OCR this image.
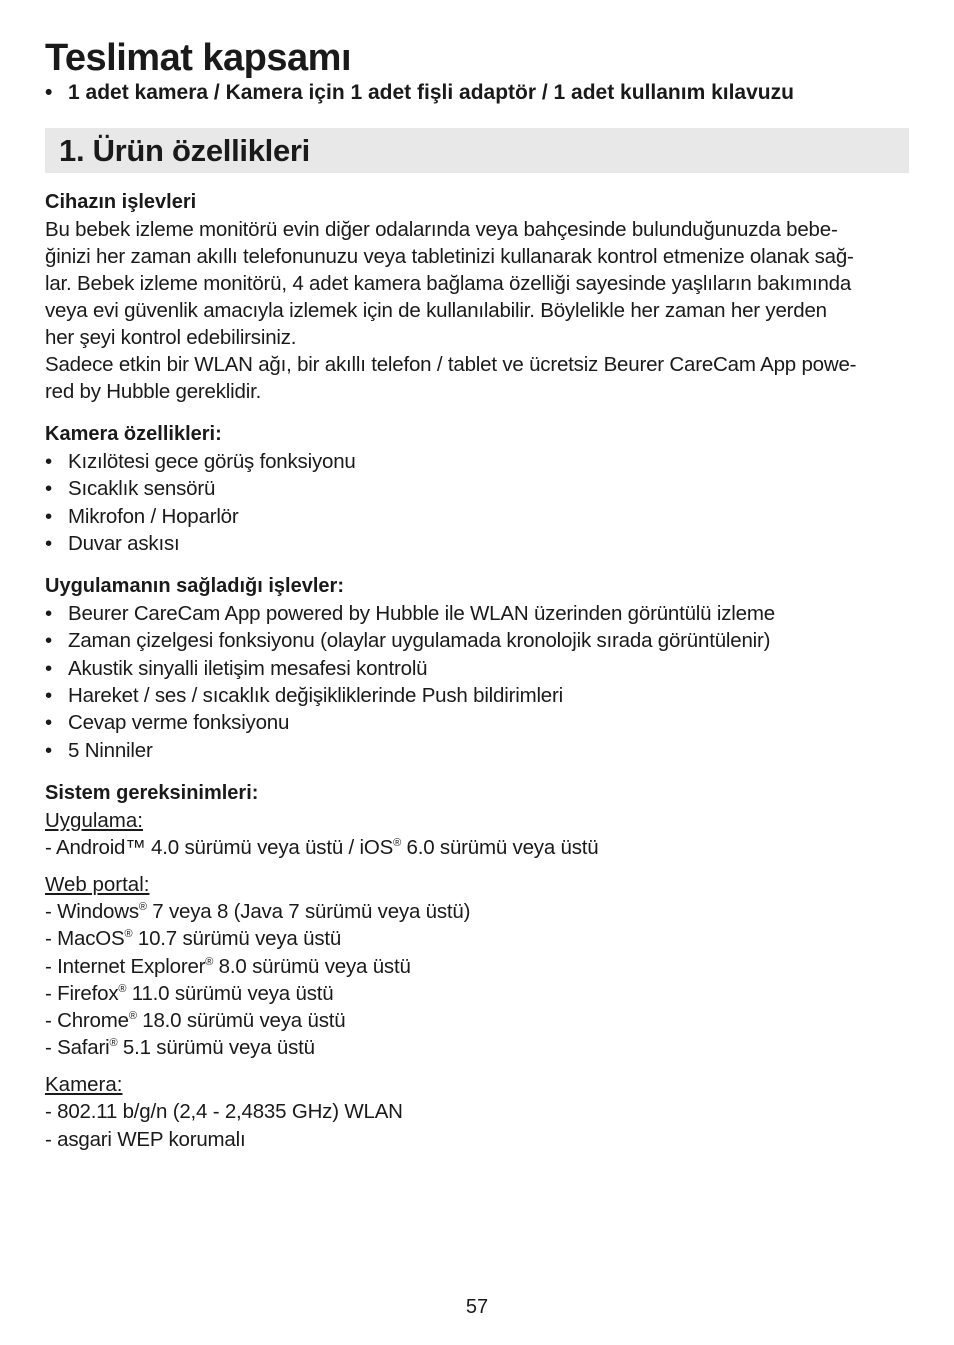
Teslimat kapsamı

• 1 adet kamera / Kamera için 1 adet fişli adaptör / 1 adet kullanım kılavuzu

1. Ürün özellikleri

Cihazın işlevleri

Bu bebek izleme monitörü evin diğer odalarında veya bahçesinde bulunduğunuzda bebe-

ğinizi her zaman akıllı telefonunuzu veya tabletinizi kullanarak kontrol etmenize olanak sağ-

lar. Bebek izleme monitörü, 4 adet kamera bağlama özelliği sayesinde yaşlıların bakımında

veya evi güvenlik amacıyla izlemek için de kullanılabilir. Böylelikle her zaman her yerden

her şeyi kontrol edebilirsiniz.

Sadece etkin bir WLAN ağı, bir akıllı telefon / tablet ve ücretsiz Beurer CareCam App powe-

red by Hubble gereklidir.

Kamera özellikleri:

• Kızılötesi gece görüş fonksiyonu
• Sıcaklık sensörü
• Mikrofon / Hoparlör
• Duvar askısı

Uygulamanın sağladığı işlevler:

• Beurer CareCam App powered by Hubble ile WLAN üzerinden görüntülü izleme
• Zaman çizelgesi fonksiyonu (olaylar uygulamada kronolojik sırada görüntülenir)
• Akustik sinyalli iletişim mesafesi kontrolü
• Hareket / ses / sıcaklık değişikliklerinde Push bildirimleri
• Cevap verme fonksiyonu
• 5 Ninniler

Sistem gereksinimleri:

Uygulama:

- Android™ 4.0 sürümü veya üstü / iOS® 6.0 sürümü veya üstü

Web portal:

- Windows® 7 veya 8 (Java 7 sürümü veya üstü)

- MacOS® 10.7 sürümü veya üstü

- Internet Explorer® 8.0 sürümü veya üstü

- Firefox® 11.0 sürümü veya üstü

- Chrome® 18.0 sürümü veya üstü

- Safari® 5.1 sürümü veya üstü

Kamera:

- 802.11 b/g/n (2,4 - 2,4835 GHz) WLAN

- asgari WEP korumalı

57
